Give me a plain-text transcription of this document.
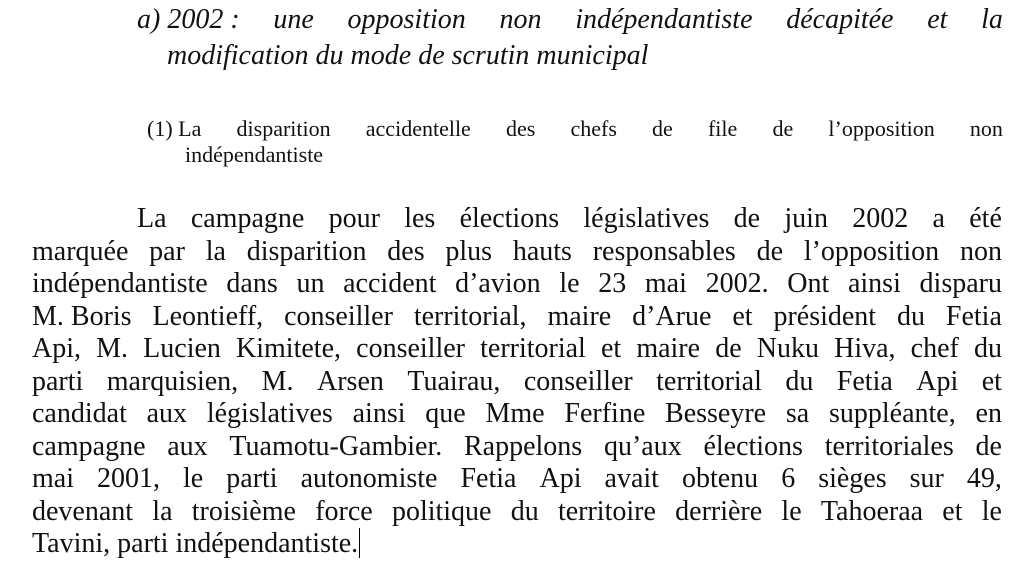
a) 2002 : une opposition non indépendantiste décapitée et la
modification du mode de scrutin municipal
(1) La disparition accidentelle des chefs de file de l’opposition non
indépendantiste
La campagne pour les élections législatives de juin 2002 a été
marquée par la disparition des plus hauts responsables de l’opposition non
indépendantiste dans un accident d’avion le 23 mai 2002. Ont ainsi disparu
M. Boris Leontieff, conseiller territorial, maire d’Arue et président du Fetia
Api, M. Lucien Kimitete, conseiller territorial et maire de Nuku Hiva, chef du
parti marquisien, M. Arsen Tuairau, conseiller territorial du Fetia Api et
candidat aux législatives ainsi que Mme Ferfine Besseyre sa suppléante, en
campagne aux Tuamotu-Gambier. Rappelons qu’aux élections territoriales de
mai 2001, le parti autonomiste Fetia Api avait obtenu 6 sièges sur 49,
devenant la troisième force politique du territoire derrière le Tahoeraa et le
Tavini, parti indépendantiste.
